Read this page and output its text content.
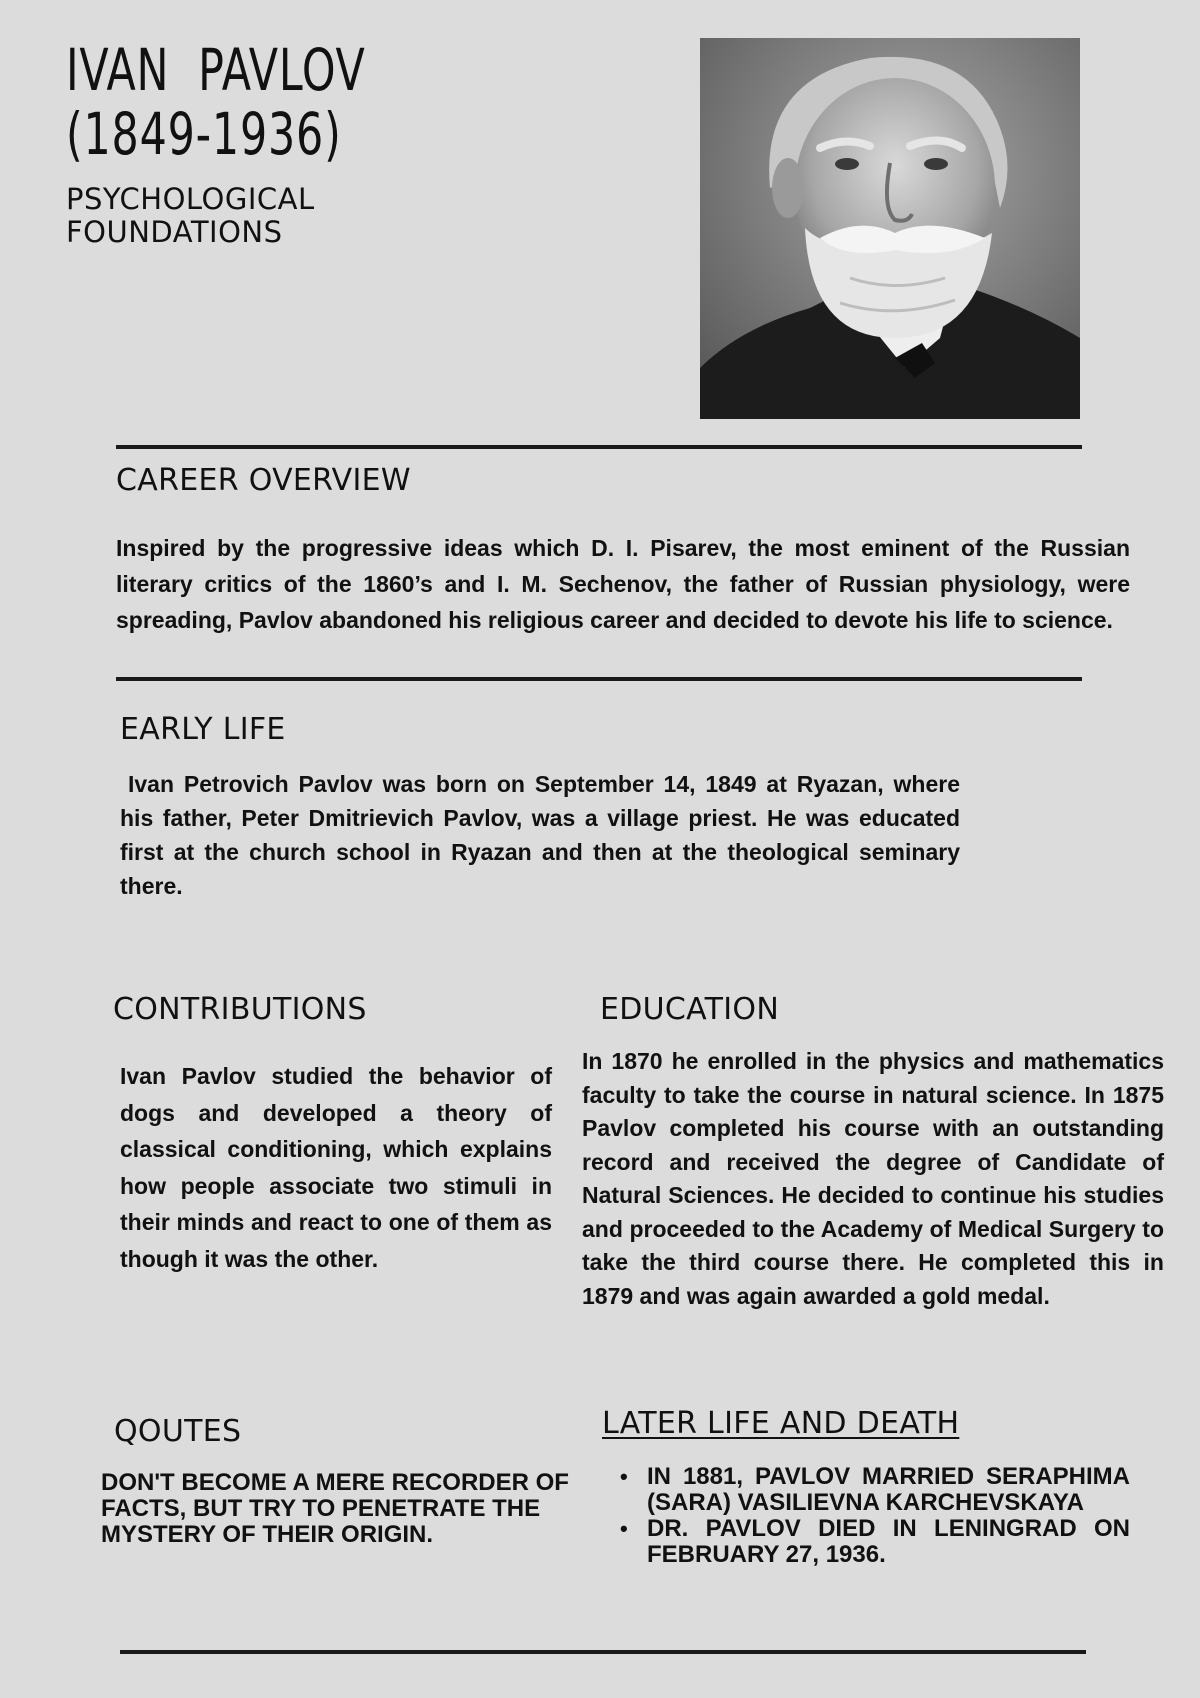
IVAN  PAVLOV
(1849-1936)
PSYCHOLOGICAL
FOUNDATIONS
CAREER OVERVIEW
Inspired by the progressive ideas which D. I. Pisarev, the most eminent of the Russian literary critics of the 1860’s and I. M. Sechenov, the father of Russian physiology, were spreading, Pavlov abandoned his religious career and decided to devote his life to science.
EARLY LIFE
Ivan Petrovich Pavlov was born on September 14, 1849 at Ryazan, where his father, Peter Dmitrievich Pavlov, was a village priest. He was educated first at the church school in Ryazan and then at the theological seminary there.
CONTRIBUTIONS
Ivan Pavlov studied the behavior of dogs and developed a theory of classical conditioning, which explains how people associate two stimuli in their minds and react to one of them as though it was the other.
EDUCATION
In 1870 he enrolled in the physics and mathematics faculty to take the course in natural science. In 1875 Pavlov completed his course with an outstanding record and received the degree of Candidate of Natural Sciences. He decided to continue his studies and proceeded to the Academy of Medical Surgery to take the third course there. He completed this in 1879 and was again awarded a gold medal.
QOUTES
DON'T BECOME A MERE RECORDER OF FACTS, BUT TRY TO PENETRATE THE MYSTERY OF THEIR ORIGIN.
LATER LIFE AND DEATH
• IN 1881, PAVLOV MARRIED SERAPHIMA (SARA) VASILIEVNA KARCHEVSKAYA
• DR. PAVLOV DIED IN LENINGRAD ON FEBRUARY 27, 1936.
